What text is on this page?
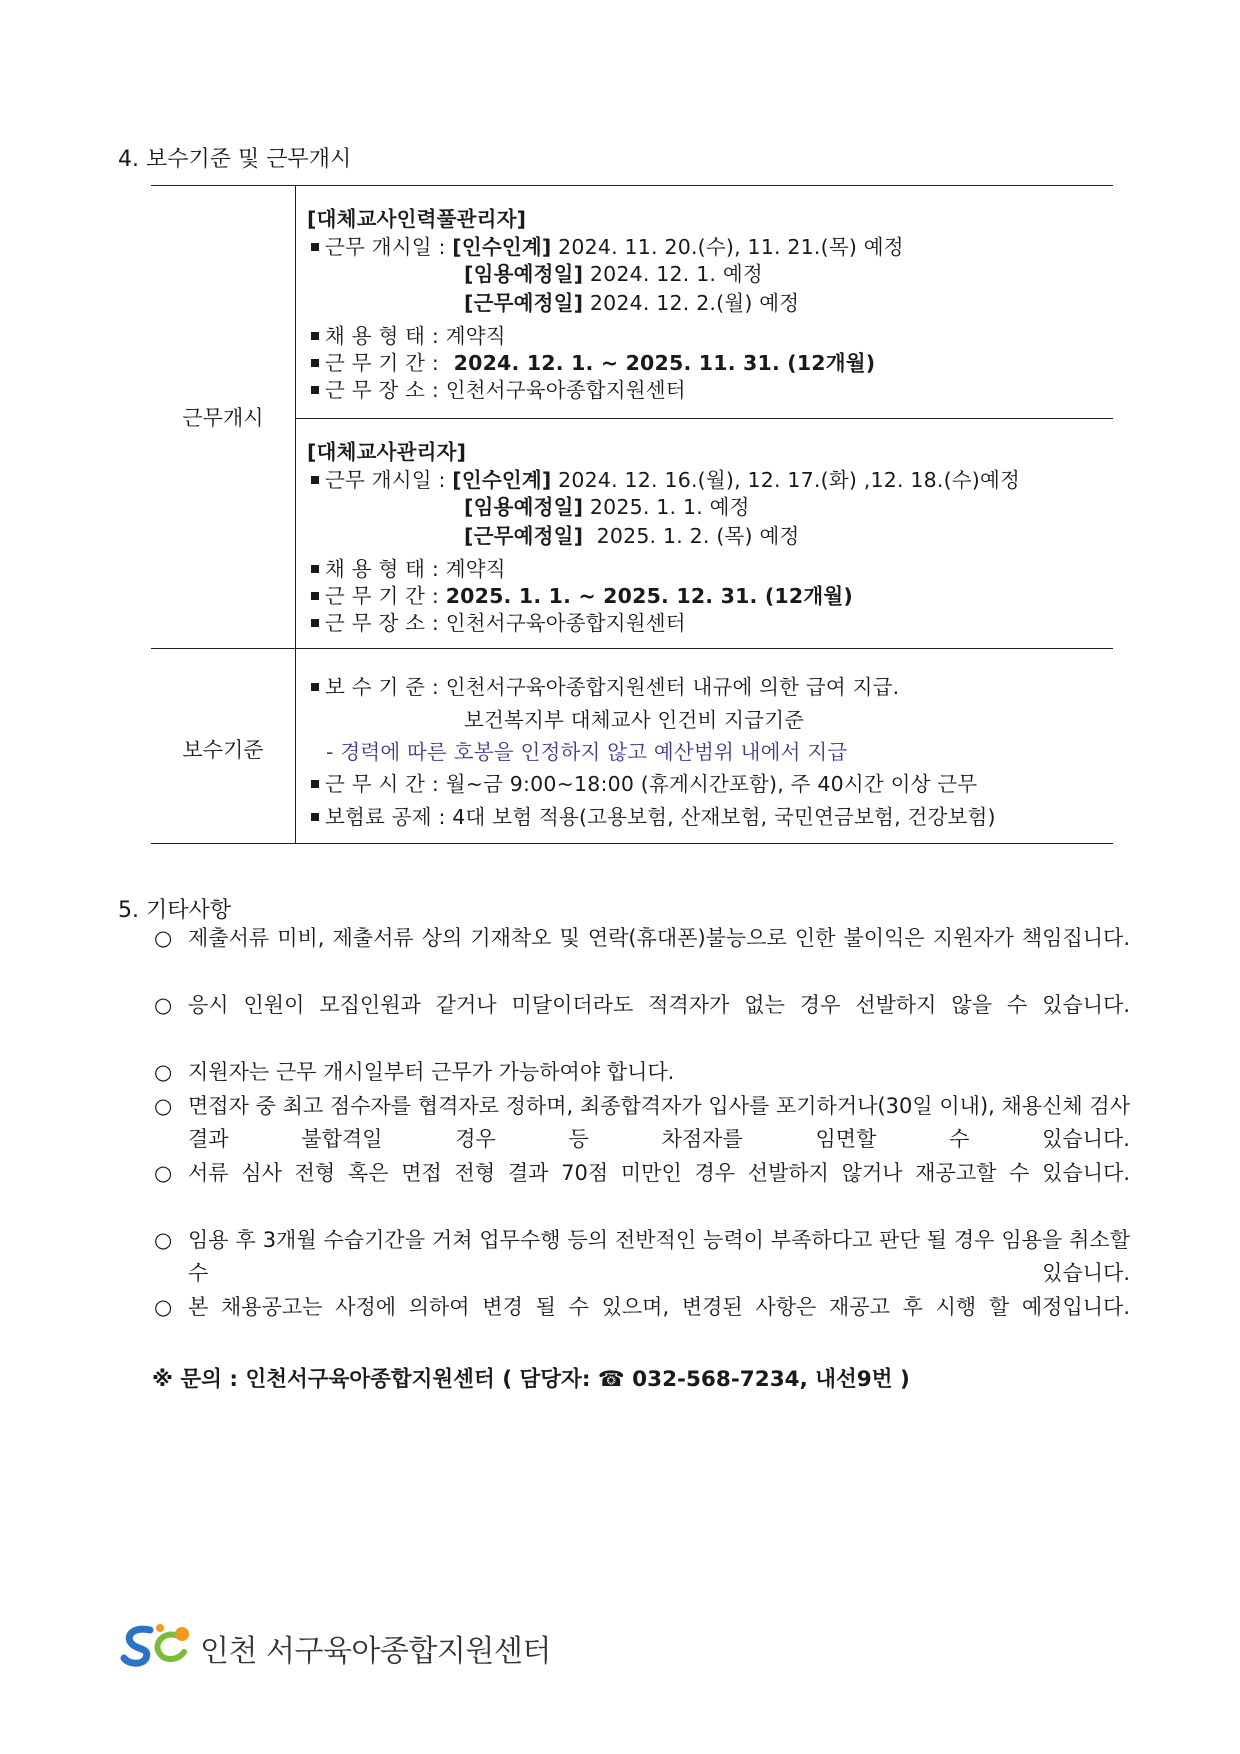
4. 보수기준 및 근무개시
근무개시
보수기준
[대체교사인력풀관리자]
근무 개시일 : [인수인계] 2024. 11. 20.(수), 11. 21.(목) 예정
[임용예정일] 2024. 12. 1. 예정
[근무예정일] 2024. 12. 2.(월) 예정
채 용 형 태 : 계약직
근 무 기 간 :  2024. 12. 1. ~ 2025. 11. 31. (12개월)
근 무 장 소 : 인천서구육아종합지원센터
[대체교사관리자]
근무 개시일 : [인수인계] 2024. 12. 16.(월), 12. 17.(화) ,12. 18.(수)예정
[임용예정일] 2025. 1. 1. 예정
[근무예정일]  2025. 1. 2. (목) 예정
채 용 형 태 : 계약직
근 무 기 간 : 2025. 1. 1. ~ 2025. 12. 31. (12개월)
근 무 장 소 : 인천서구육아종합지원센터
보 수 기 준 : 인천서구육아종합지원센터 내규에 의한 급여 지급.
보건복지부 대체교사 인건비 지급기준
- 경력에 따른 호봉을 인정하지 않고 예산범위 내에서 지급
근 무 시 간 : 월~금 9:00~18:00 (휴게시간포함), 주 40시간 이상 근무
보험료 공제 : 4대 보험 적용(고용보험, 산재보험, 국민연금보험, 건강보험)
5. 기타사항
○ 제출서류 미비, 제출서류 상의 기재착오 및 연락(휴대폰)불능으로 인한 불이익은 지원자가 책임집니다.
○ 응시 인원이 모집인원과 같거나 미달이더라도 적격자가 없는 경우 선발하지 않을 수 있습니다.
○ 지원자는 근무 개시일부터 근무가 가능하여야 합니다.
○ 면접자 중 최고 점수자를 협격자로 정하며, 최종합격자가 입사를 포기하거나(30일 이내), 채용신체 검사 결과 불합격일 경우 등 차점자를 임면할 수 있습니다.
○ 서류 심사 전형 혹은 면접 전형 결과 70점 미만인 경우 선발하지 않거나 재공고할 수 있습니다.
○ 임용 후 3개월 수습기간을 거쳐 업무수행 등의 전반적인 능력이 부족하다고 판단 될 경우 임용을 취소할 수 있습니다.
○ 본 채용공고는 사정에 의하여 변경 될 수 있으며, 변경된 사항은 재공고 후 시행 할 예정입니다.
※ 문의 : 인천서구육아종합지원센터 ( 담당자: ☎ 032-568-7234, 내선9번 )
인천 서구육아종합지원센터
